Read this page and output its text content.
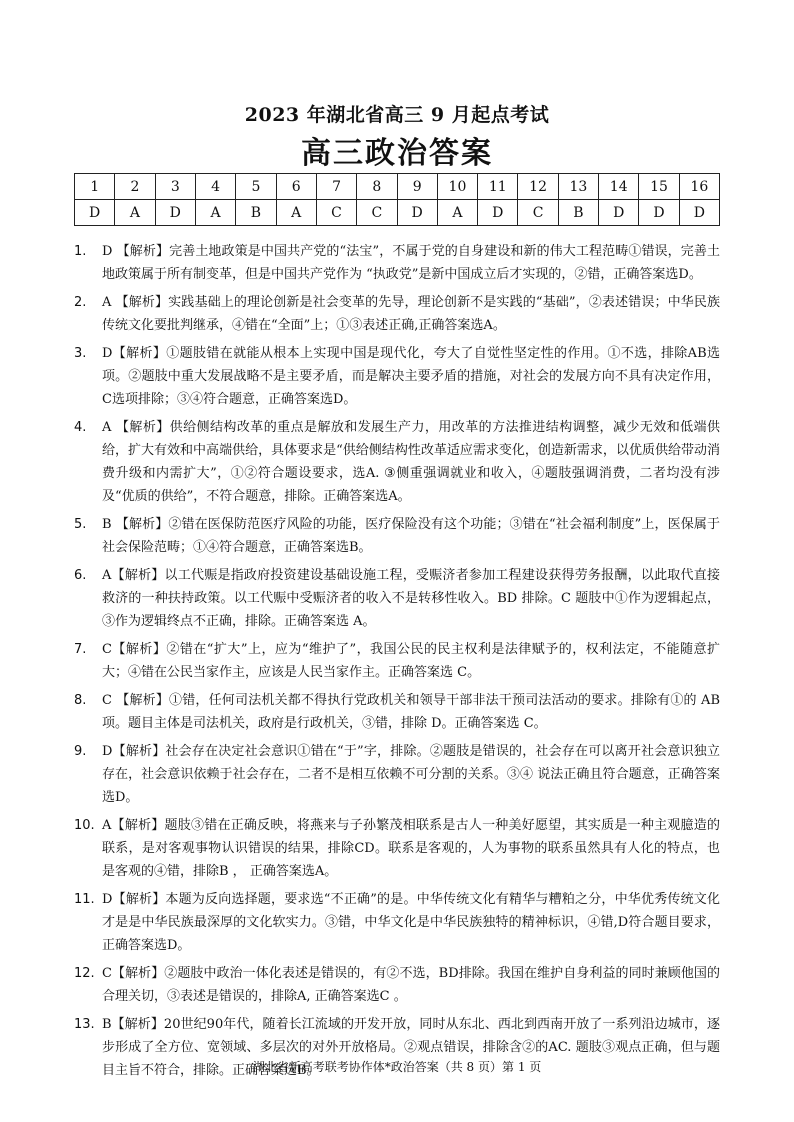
2023 年湖北省高三 9 月起点考试
高三政治答案
1	2	3	4	5	6	7	8	9	10	11	12	13	14	15	16
D	A	D	A	B	A	C	C	D	A	D	C	B	D	D	D
1.	D 【解析】完善土地政策是中国共产党的“法宝”，不属于党的自身建设和新的伟大工程范畴①错误，完善土地政策属于所有制变革，但是中国共产党作为 “执政党”是新中国成立后才实现的，②错，正确答案选D。
2.	A 【解析】实践基础上的理论创新是社会变革的先导，理论创新不是实践的“基础”，②表述错误；中华民族传统文化要批判继承，④错在“全面”上；①③表述正确,正确答案选A。
3.	D【解析】①题肢错在就能从根本上实现中国是现代化，夸大了自觉性坚定性的作用。①不选，排除AB选项。②题肢中重大发展战略不是主要矛盾，而是解决主要矛盾的措施，对社会的发展方向不具有决定作用，C选项排除；③④符合题意，正确答案选D。
4.	A 【解析】供给侧结构改革的重点是解放和发展生产力，用改革的方法推进结构调整，减少无效和低端供给，扩大有效和中高端供给，具体要求是“供给侧结构性改革适应需求变化，创造新需求，以优质供给带动消费升级和内需扩大”，①②符合题设要求，选A. ③侧重强调就业和收入，④题肢强调消费，二者均没有涉及“优质的供给”，不符合题意，排除。正确答案选A。
5.	B 【解析】②错在医保防范医疗风险的功能，医疗保险没有这个功能；③错在“社会福利制度”上，医保属于社会保险范畴；①④符合题意，正确答案选B。
6.	A【解析】以工代赈是指政府投资建设基础设施工程，受赈济者参加工程建设获得劳务报酬，以此取代直接救济的一种扶持政策。以工代赈中受赈济者的收入不是转移性收入。BD 排除。C 题肢中①作为逻辑起点，③作为逻辑终点不正确，排除。正确答案选 A。
7.	C【解析】②错在“扩大”上，应为“维护了”，我国公民的民主权利是法律赋予的，权利法定，不能随意扩大；④错在公民当家作主，应该是人民当家作主。正确答案选 C。
8.	C 【解析】①错，任何司法机关都不得执行党政机关和领导干部非法干预司法活动的要求。排除有①的 AB 项。题目主体是司法机关，政府是行政机关，③错，排除 D。正确答案选 C。
9.	D【解析】社会存在决定社会意识①错在“于”字，排除。②题肢是错误的，社会存在可以离开社会意识独立存在，社会意识依赖于社会存在，二者不是相互依赖不可分割的关系。③④ 说法正确且符合题意，正确答案选D。
10. A【解析】题肢③错在正确反映，将燕来与子孙繁茂相联系是古人一种美好愿望，其实质是一种主观臆造的联系，是对客观事物认识错误的结果，排除CD。联系是客观的，人为事物的联系虽然具有人化的特点，也是客观的④错，排除B ， 正确答案选A。
11. D【解析】本题为反向选择题，要求选“不正确”的是。中华传统文化有精华与糟粕之分，中华优秀传统文化才是是中华民族最深厚的文化软实力。③错，中华文化是中华民族独特的精神标识，④错,D符合题目要求，正确答案选D。
12. C【解析】②题肢中政治一体化表述是错误的，有②不选，BD排除。我国在维护自身利益的同时兼顾他国的合理关切，③表述是错误的，排除A, 正确答案选C 。
13. B【解析】20世纪90年代，随着长江流域的开发开放，同时从东北、西北到西南开放了一系列沿边城市，逐步形成了全方位、宽领域、多层次的对外开放格局。②观点错误，排除含②的AC. 题肢③观点正确，但与题目主旨不符合，排除。正确答案选B。
湖北省新高考联考协作体*政治答案（共 8 页）第 1 页
